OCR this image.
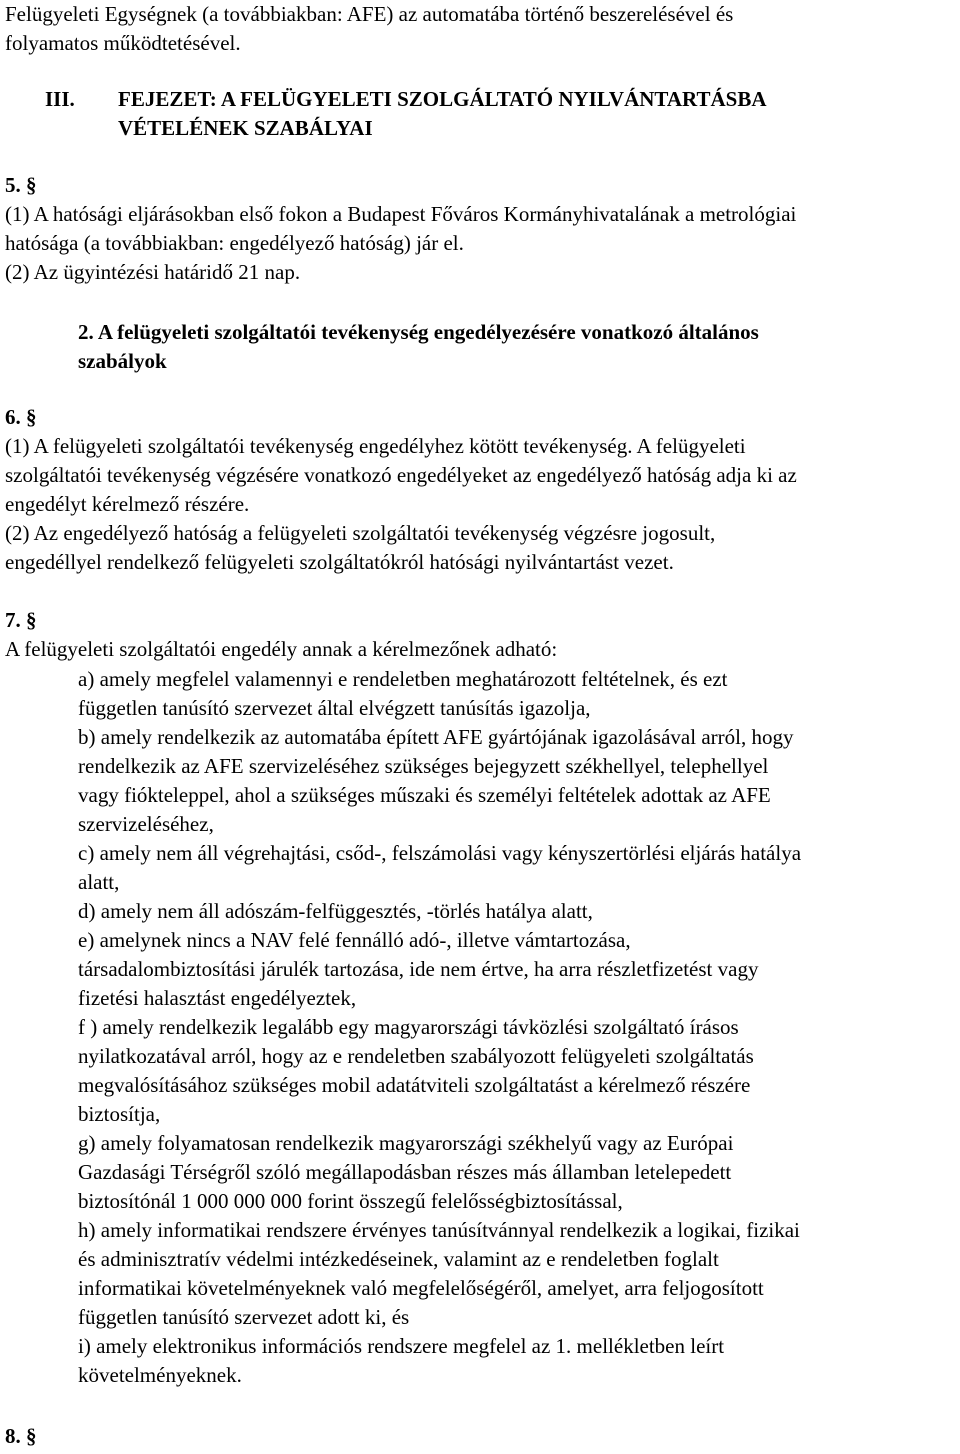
Felügyeleti Egységnek (a továbbiakban: AFE) az automatába történő beszerelésével és
folyamatos működtetésével.
III. FEJEZET: A FELÜGYELETI SZOLGÁLTATÓ NYILVÁNTARTÁSBA
VÉTELÉNEK SZABÁLYAI
5. §
(1) A hatósági eljárásokban első fokon a Budapest Főváros Kormányhivatalának a metrológiai
hatósága (a továbbiakban: engedélyező hatóság) jár el.
(2) Az ügyintézési határidő 21 nap.
2. A felügyeleti szolgáltatói tevékenység engedélyezésére vonatkozó általános
szabályok
6. §
(1) A felügyeleti szolgáltatói tevékenység engedélyhez kötött tevékenység. A felügyeleti
szolgáltatói tevékenység végzésére vonatkozó engedélyeket az engedélyező hatóság adja ki az
engedélyt kérelmező részére.
(2) Az engedélyező hatóság a felügyeleti szolgáltatói tevékenység végzésre jogosult,
engedéllyel rendelkező felügyeleti szolgáltatókról hatósági nyilvántartást vezet.
7. §
A felügyeleti szolgáltatói engedély annak a kérelmezőnek adható:
a) amely megfelel valamennyi e rendeletben meghatározott feltételnek, és ezt
független tanúsító szervezet által elvégzett tanúsítás igazolja,
b) amely rendelkezik az automatába épített AFE gyártójának igazolásával arról, hogy
rendelkezik az AFE szervizeléséhez szükséges bejegyzett székhellyel, telephellyel
vagy fiókteleppel, ahol a szükséges műszaki és személyi feltételek adottak az AFE
szervizeléséhez,
c) amely nem áll végrehajtási, csőd-, felszámolási vagy kényszertörlési eljárás hatálya
alatt,
d) amely nem áll adószám-felfüggesztés, -törlés hatálya alatt,
e) amelynek nincs a NAV felé fennálló adó-, illetve vámtartozása,
társadalombiztosítási járulék tartozása, ide nem értve, ha arra részletfizetést vagy
fizetési halasztást engedélyeztek,
f ) amely rendelkezik legalább egy magyarországi távközlési szolgáltató írásos
nyilatkozatával arról, hogy az e rendeletben szabályozott felügyeleti szolgáltatás
megvalósításához szükséges mobil adatátviteli szolgáltatást a kérelmező részére
biztosítja,
g) amely folyamatosan rendelkezik magyarországi székhelyű vagy az Európai
Gazdasági Térségről szóló megállapodásban részes más államban letelepedett
biztosítónál 1 000 000 000 forint összegű felelősségbiztosítással,
h) amely informatikai rendszere érvényes tanúsítvánnyal rendelkezik a logikai, fizikai
és adminisztratív védelmi intézkedéseinek, valamint az e rendeletben foglalt
informatikai követelményeknek való megfelelőségéről, amelyet, arra feljogosított
független tanúsító szervezet adott ki, és
i) amely elektronikus információs rendszere megfelel az 1. mellékletben leírt
követelményeknek.
8. §
